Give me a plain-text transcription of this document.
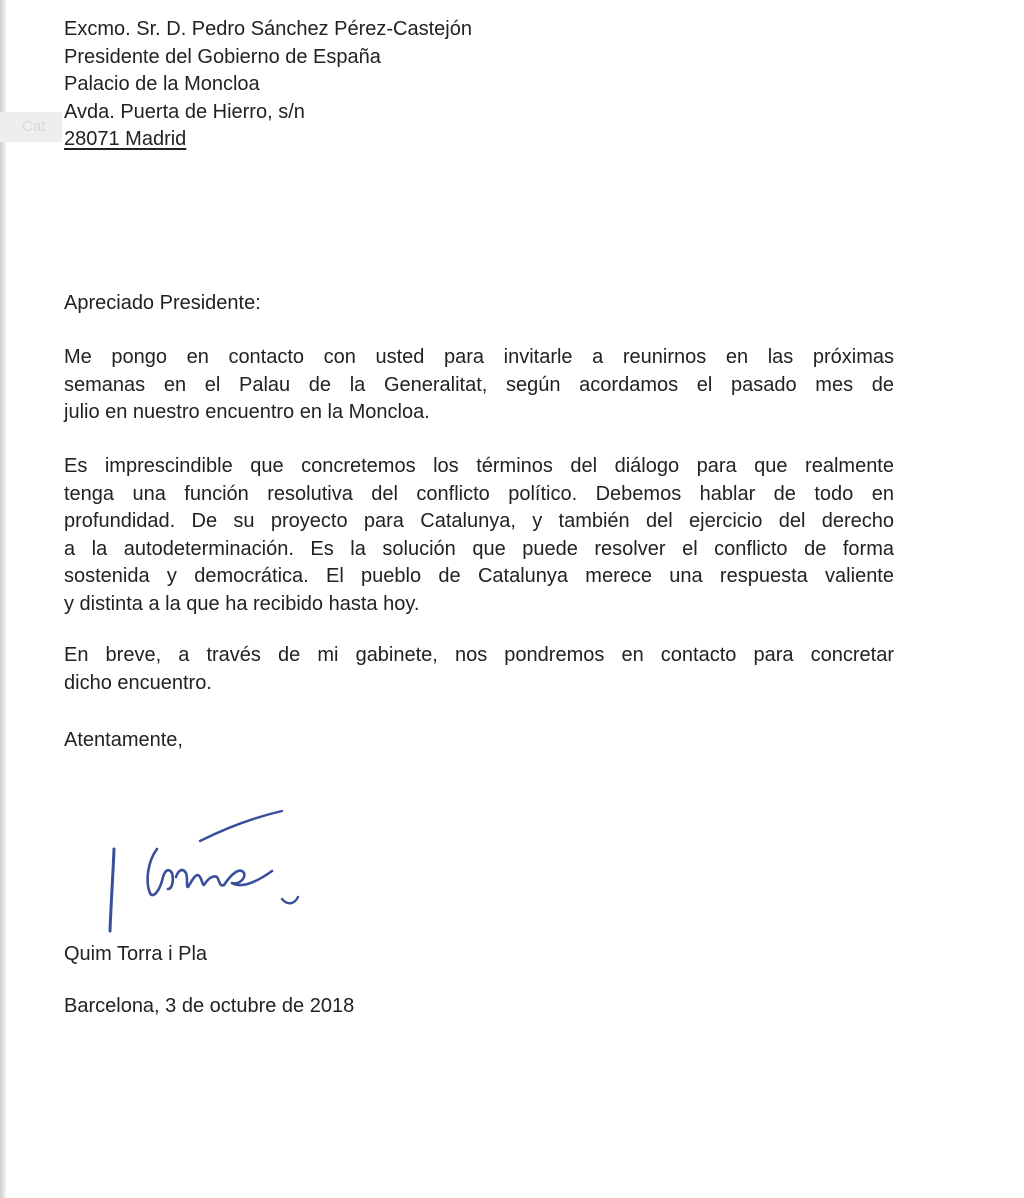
Cat
Excmo. Sr. D. Pedro Sánchez Pérez-Castejón
Presidente del Gobierno de España
Palacio de la Moncloa
Avda. Puerta de Hierro, s/n
28071 Madrid
Apreciado Presidente:
Me pongo en contacto con usted para invitarle a reunirnos en las próximas
semanas en el Palau de la Generalitat, según acordamos el pasado mes de
julio en nuestro encuentro en la Moncloa.
Es imprescindible que concretemos los términos del diálogo para que realmente
tenga una función resolutiva del conflicto político. Debemos hablar de todo en
profundidad. De su proyecto para Catalunya, y también del ejercicio del derecho
a la autodeterminación. Es la solución que puede resolver el conflicto de forma
sostenida y democrática. El pueblo de Catalunya merece una respuesta valiente
y distinta a la que ha recibido hasta hoy.
En breve, a través de mi gabinete, nos pondremos en contacto para concretar
dicho encuentro.
Atentamente,
Quim Torra i Pla
Barcelona, 3 de octubre de 2018
